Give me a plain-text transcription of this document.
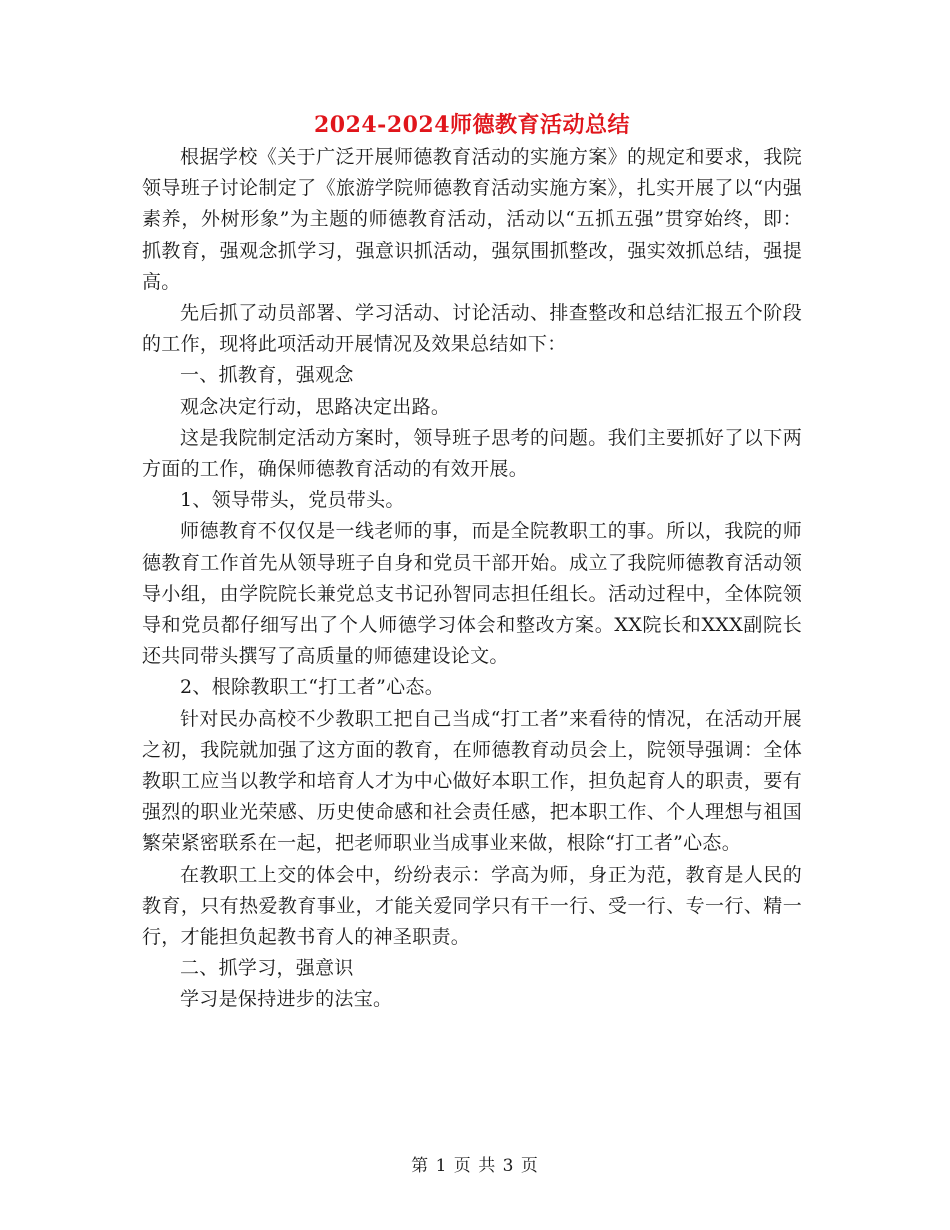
2024-2024师德教育活动总结

根据学校《关于广泛开展师德教育活动的实施方案》的规定和要求，我院领导班子讨论制定了《旅游学院师德教育活动实施方案》，扎实开展了以“内强素养，外树形象”为主题的师德教育活动，活动以“五抓五强”贯穿始终，即：抓教育，强观念抓学习，强意识抓活动，强氛围抓整改，强实效抓总结，强提高。

先后抓了动员部署、学习活动、讨论活动、排查整改和总结汇报五个阶段的工作，现将此项活动开展情况及效果总结如下：

一、抓教育，强观念

观念决定行动，思路决定出路。

这是我院制定活动方案时，领导班子思考的问题。我们主要抓好了以下两方面的工作，确保师德教育活动的有效开展。

1、领导带头，党员带头。

师德教育不仅仅是一线老师的事，而是全院教职工的事。所以，我院的师德教育工作首先从领导班子自身和党员干部开始。成立了我院师德教育活动领导小组，由学院院长兼党总支书记孙智同志担任组长。活动过程中，全体院领导和党员都仔细写出了个人师德学习体会和整改方案。XX院长和XXX副院长还共同带头撰写了高质量的师德建设论文。

2、根除教职工“打工者”心态。

针对民办高校不少教职工把自己当成“打工者”来看待的情况，在活动开展之初，我院就加强了这方面的教育，在师德教育动员会上，院领导强调：全体教职工应当以教学和培育人才为中心做好本职工作，担负起育人的职责，要有强烈的职业光荣感、历史使命感和社会责任感，把本职工作、个人理想与祖国繁荣紧密联系在一起，把老师职业当成事业来做，根除“打工者”心态。

在教职工上交的体会中，纷纷表示：学高为师，身正为范，教育是人民的教育，只有热爱教育事业，才能关爱同学只有干一行、受一行、专一行、精一行，才能担负起教书育人的神圣职责。

二、抓学习，强意识

学习是保持进步的法宝。

第 1 页 共 3 页
